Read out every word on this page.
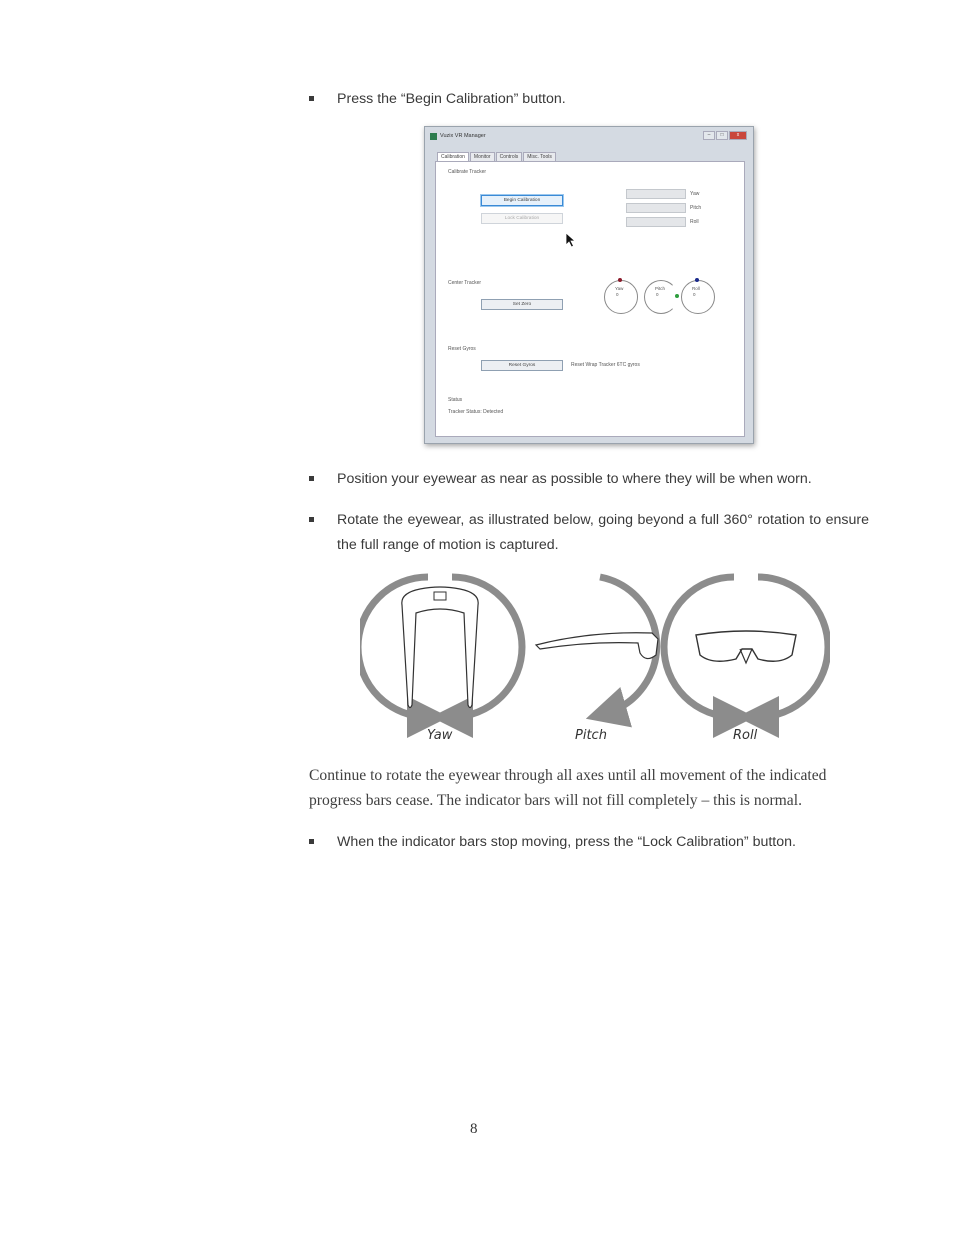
Press the “Begin Calibration” button.
Vuzix VR Manager	–	□	x
Calibration	Monitor	Controls	Misc. Tools
Calibrate Tracker
Begin Calibration
Lock Calibration
Yaw
Pitch
Roll
Center Tracker
Set Zero
Yaw
0
Pitch
0
Roll
0
Reset Gyros
Reset Gyros	Reset Wrap Tracker 6TC gyros
Status
Tracker Status: Detected
Position your eyewear as near as possible to where they will be when worn.
Rotate the eyewear, as illustrated below, going beyond a full 360° rotation to ensure the full range of motion is captured.
Yaw	Pitch	Roll
Continue to rotate the eyewear through all axes until all movement of the indicated progress bars cease. The indicator bars will not fill completely – this is normal.
When the indicator bars stop moving, press the “Lock Calibration” button.
8
